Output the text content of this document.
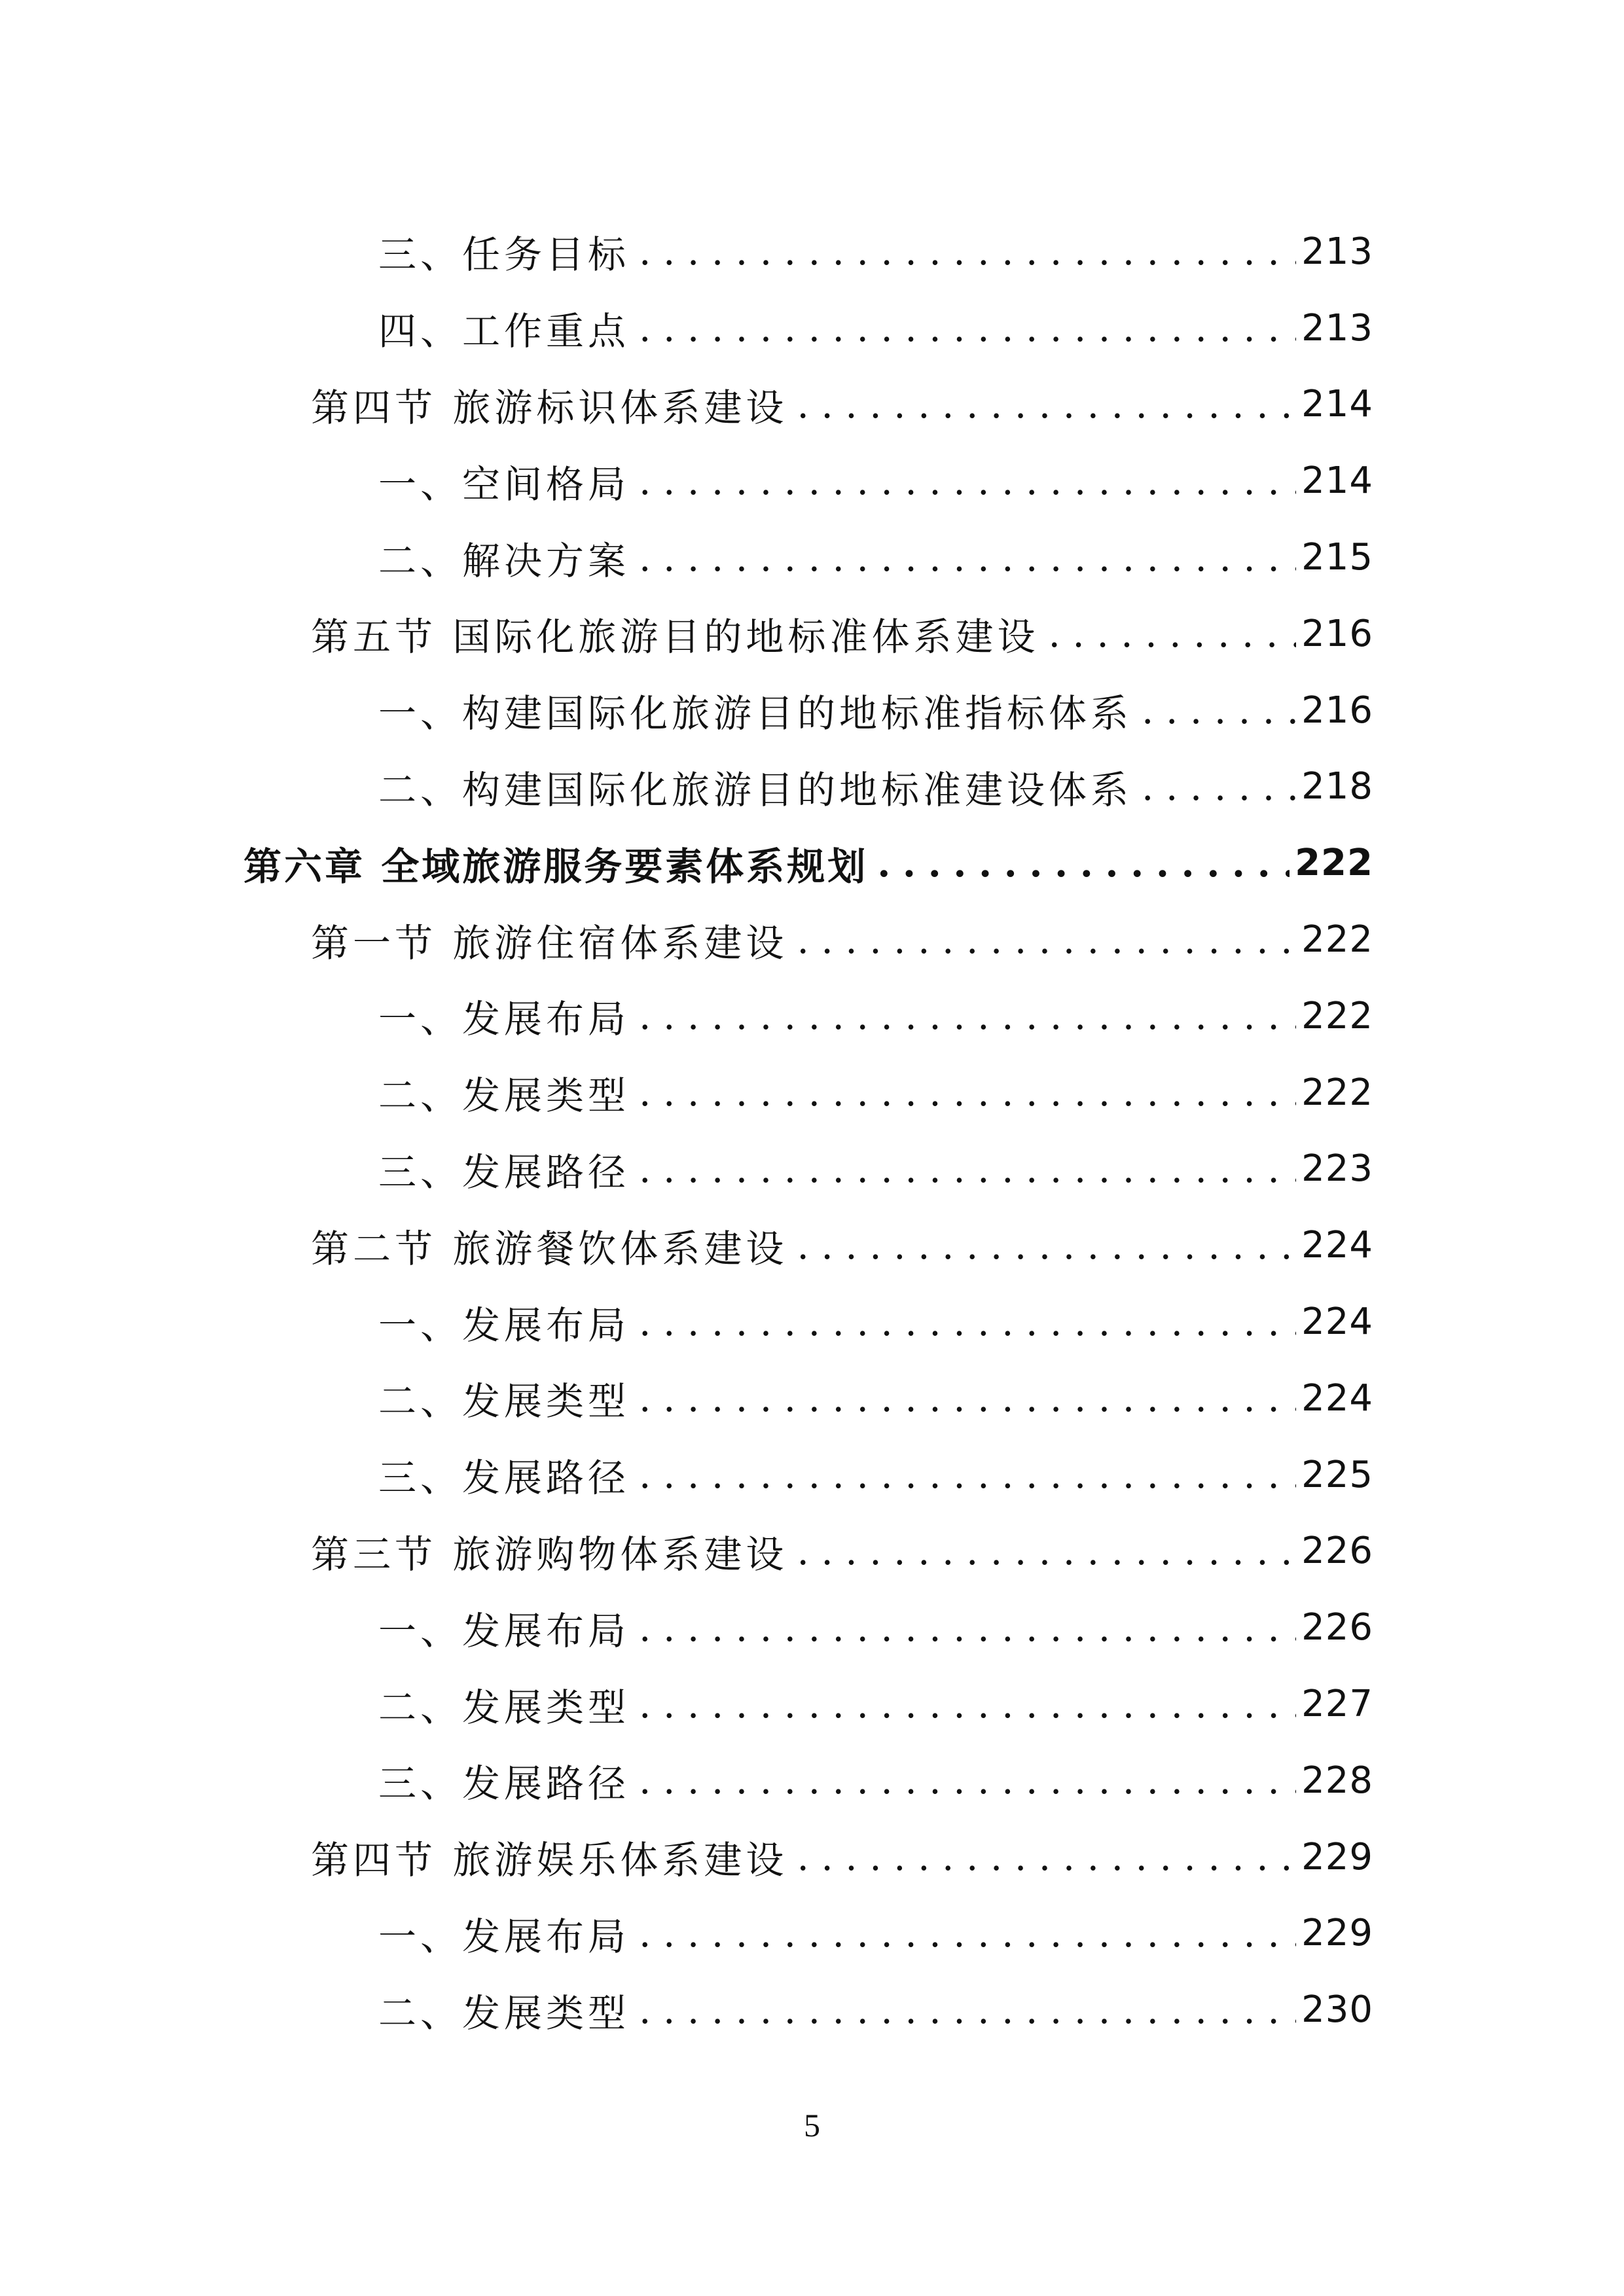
三、任务目标 .....	213
四、工作重点 .....	213
第四节 旅游标识体系建设 .....	214
一、空间格局 .....	214
二、解决方案 .....	215
第五节 国际化旅游目的地标准体系建设 .....	216
一、构建国际化旅游目的地标准指标体系 .....	216
二、构建国际化旅游目的地标准建设体系 .....	218
第六章 全域旅游服务要素体系规划 .....	222
第一节 旅游住宿体系建设 .....	222
一、发展布局 .....	222
二、发展类型 .....	222
三、发展路径 .....	223
第二节 旅游餐饮体系建设 .....	224
一、发展布局 .....	224
二、发展类型 .....	224
三、发展路径 .....	225
第三节 旅游购物体系建设 .....	226
一、发展布局 .....	226
二、发展类型 .....	227
三、发展路径 .....	228
第四节 旅游娱乐体系建设 .....	229
一、发展布局 .....	229
二、发展类型 .....	230
5
